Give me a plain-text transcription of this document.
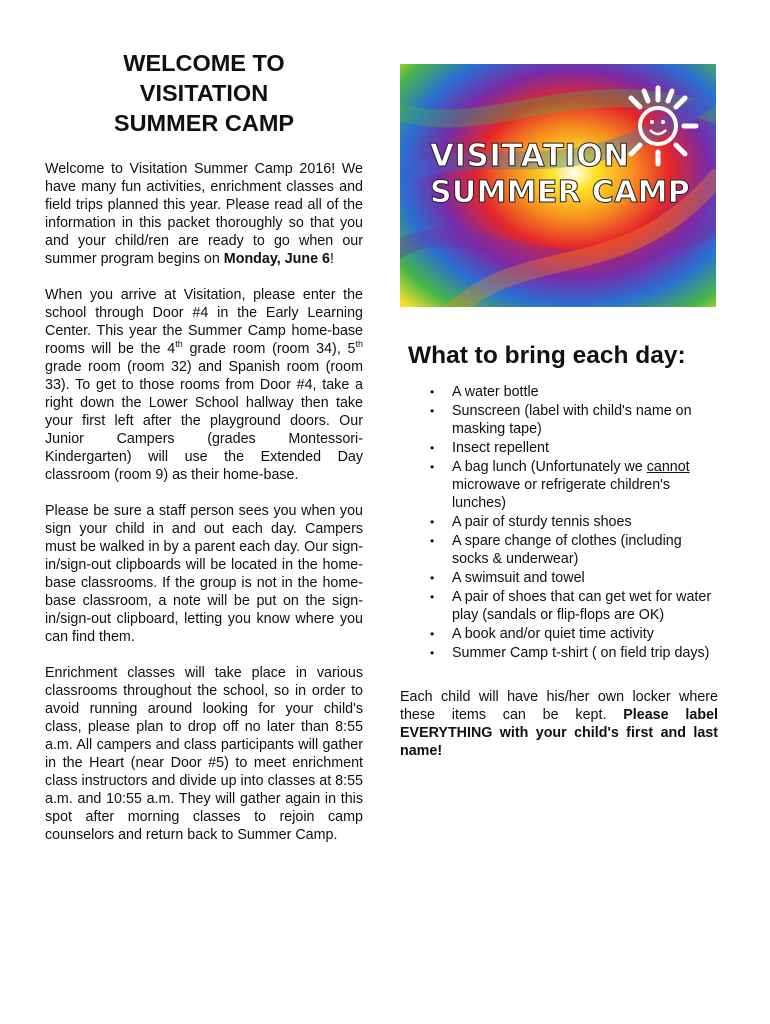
WELCOME TO
VISITATION
SUMMER CAMP

Welcome to Visitation Summer Camp 2016! We have many fun activities, enrichment classes and field trips planned this year. Please read all of the information in this packet thoroughly so that you and your child/ren are ready to go when our summer program begins on Monday, June 6!

When you arrive at Visitation, please enter the school through Door #4 in the Early Learning Center. This year the Summer Camp home-base rooms will be the 4th grade room (room 34), 5th grade room (room 32) and Spanish room (room 33). To get to those rooms from Door #4, take a right down the Lower School hallway then take your first left after the playground doors. Our Junior Campers (grades Montessori-Kindergarten) will use the Extended Day classroom (room 9) as their home-base.

Please be sure a staff person sees you when you sign your child in and out each day. Campers must be walked in by a parent each day. Our sign-in/sign-out clipboards will be located in the home-base classrooms. If the group is not in the home-base classroom, a note will be put on the sign-in/sign-out clipboard, letting you know where you can find them.

Enrichment classes will take place in various classrooms throughout the school, so in order to avoid running around looking for your child's class, please plan to drop off no later than 8:55 a.m. All campers and class participants will gather in the Heart (near Door #5) to meet enrichment class instructors and divide up into classes at 8:55 a.m. and 10:55 a.m. They will gather again in this spot after morning classes to rejoin camp counselors and return back to Summer Camp.

VISITATION
SUMMER CAMP
What to bring each day:
• A water bottle
• Sunscreen (label with child's name on masking tape)
• Insect repellent
• A bag lunch (Unfortunately we cannot microwave or refrigerate children's lunches)
• A pair of sturdy tennis shoes
• A spare change of clothes (including socks & underwear)
• A swimsuit and towel
• A pair of shoes that can get wet for water play (sandals or flip-flops are OK)
• A book and/or quiet time activity
• Summer Camp t-shirt ( on field trip days)

Each child will have his/her own locker where these items can be kept. Please label EVERYTHING with your child's first and last name!
